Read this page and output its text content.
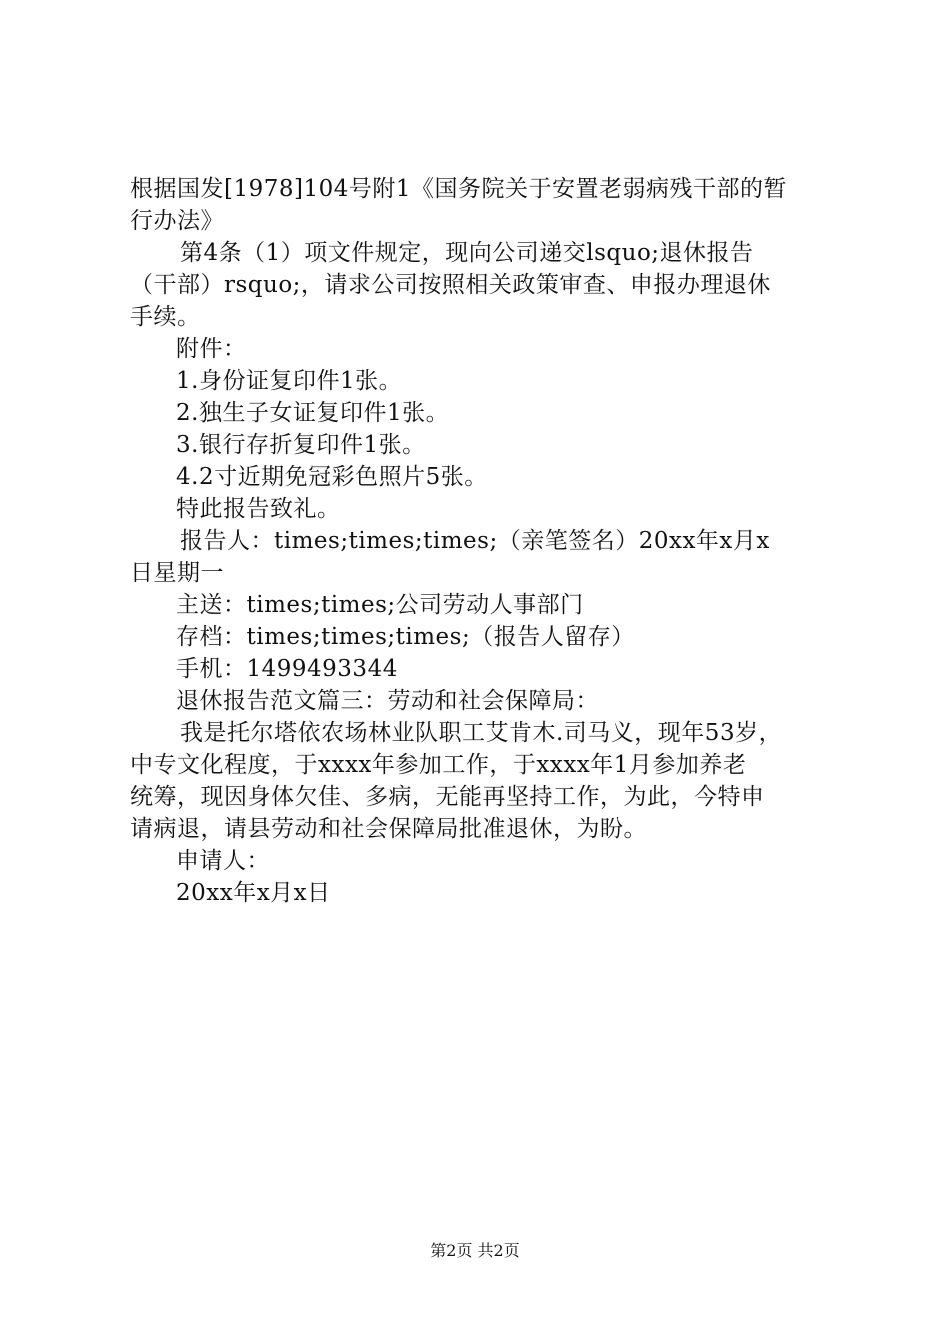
根据国发[1978]104号附1《国务院关于安置老弱病残干部的暂
行办法》
第4条（1）项文件规定，现向公司递交lsquo;退休报告
（干部）rsquo;，请求公司按照相关政策审查、申报办理退休
手续。
附件：
1.身份证复印件1张。
2.独生子女证复印件1张。
3.银行存折复印件1张。
4.2寸近期免冠彩色照片5张。
特此报告致礼。
报告人：times;times;times;（亲笔签名）20xx年x月x
日星期一
主送：times;times;公司劳动人事部门
存档：times;times;times;（报告人留存）
手机：1499493344
退休报告范文篇三：劳动和社会保障局：
我是托尔塔依农场林业队职工艾肯木.司马义，现年53岁，
中专文化程度，于xxxx年参加工作，于xxxx年1月参加养老
统筹，现因身体欠佳、多病，无能再坚持工作，为此，今特申
请病退，请县劳动和社会保障局批准退休，为盼。
申请人：
20xx年x月x日
第2页 共2页
